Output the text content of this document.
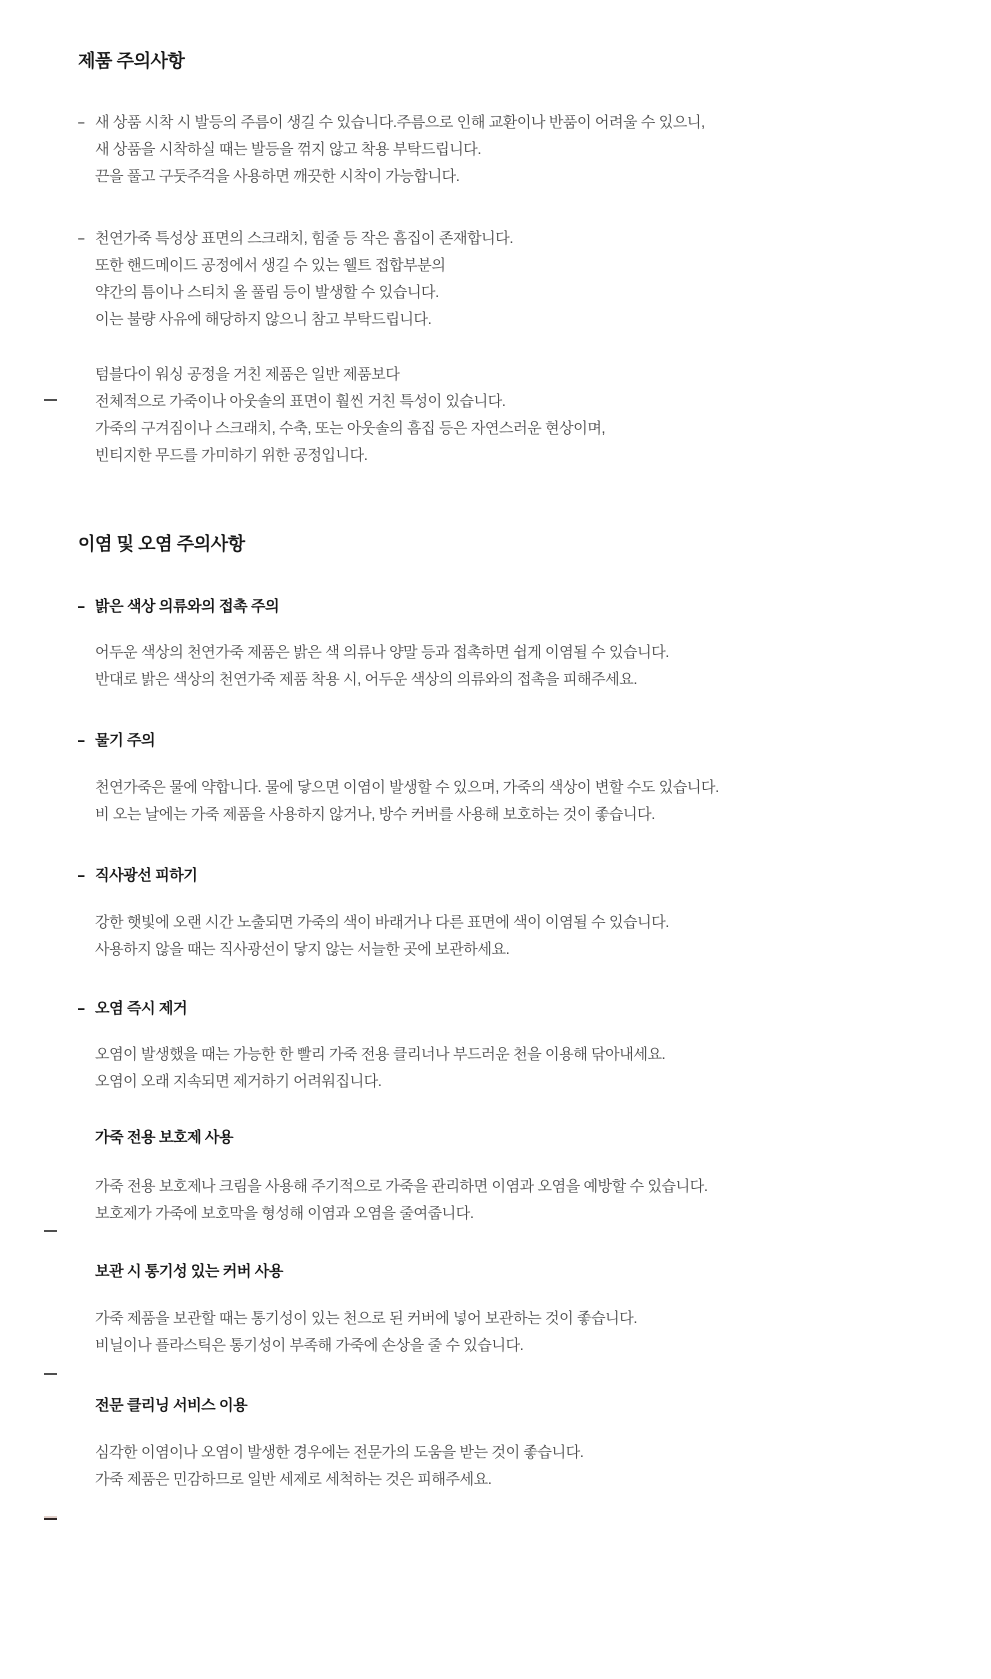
제품 주의사항
- 새 상품 시착 시 발등의 주름이 생길 수 있습니다.주름으로 인해 교환이나 반품이 어려울 수 있으니,
새 상품을 시착하실 때는 발등을 꺾지 않고 착용 부탁드립니다.
끈을 풀고 구둣주걱을 사용하면 깨끗한 시착이 가능합니다.
- 천연가죽 특성상 표면의 스크래치, 힘줄 등 작은 흠집이 존재합니다.
또한 핸드메이드 공정에서 생길 수 있는 웰트 접합부분의
약간의 틈이나 스티치 올 풀림 등이 발생할 수 있습니다.
이는 불량 사유에 해당하지 않으니 참고 부탁드립니다.
텀블다이 워싱 공정을 거친 제품은 일반 제품보다
전체적으로 가죽이나 아웃솔의 표면이 훨씬 거친 특성이 있습니다.
가죽의 구겨짐이나 스크래치, 수축, 또는 아웃솔의 흠집 등은 자연스러운 현상이며,
빈티지한 무드를 가미하기 위한 공정입니다.
이염 및 오염 주의사항
- 밝은 색상 의류와의 접촉 주의
어두운 색상의 천연가죽 제품은 밝은 색 의류나 양말 등과 접촉하면 쉽게 이염될 수 있습니다.
반대로 밝은 색상의 천연가죽 제품 착용 시, 어두운 색상의 의류와의 접촉을 피해주세요.
- 물기 주의
천연가죽은 물에 약합니다. 물에 닿으면 이염이 발생할 수 있으며, 가죽의 색상이 변할 수도 있습니다.
비 오는 날에는 가죽 제품을 사용하지 않거나, 방수 커버를 사용해 보호하는 것이 좋습니다.
- 직사광선 피하기
강한 햇빛에 오랜 시간 노출되면 가죽의 색이 바래거나 다른 표면에 색이 이염될 수 있습니다.
사용하지 않을 때는 직사광선이 닿지 않는 서늘한 곳에 보관하세요.
- 오염 즉시 제거
오염이 발생했을 때는 가능한 한 빨리 가죽 전용 클리너나 부드러운 천을 이용해 닦아내세요.
오염이 오래 지속되면 제거하기 어려워집니다.
가죽 전용 보호제 사용
가죽 전용 보호제나 크림을 사용해 주기적으로 가죽을 관리하면 이염과 오염을 예방할 수 있습니다.
보호제가 가죽에 보호막을 형성해 이염과 오염을 줄여줍니다.
보관 시 통기성 있는 커버 사용
가죽 제품을 보관할 때는 통기성이 있는 천으로 된 커버에 넣어 보관하는 것이 좋습니다.
비닐이나 플라스틱은 통기성이 부족해 가죽에 손상을 줄 수 있습니다.
전문 클리닝 서비스 이용
심각한 이염이나 오염이 발생한 경우에는 전문가의 도움을 받는 것이 좋습니다.
가죽 제품은 민감하므로 일반 세제로 세척하는 것은 피해주세요.
